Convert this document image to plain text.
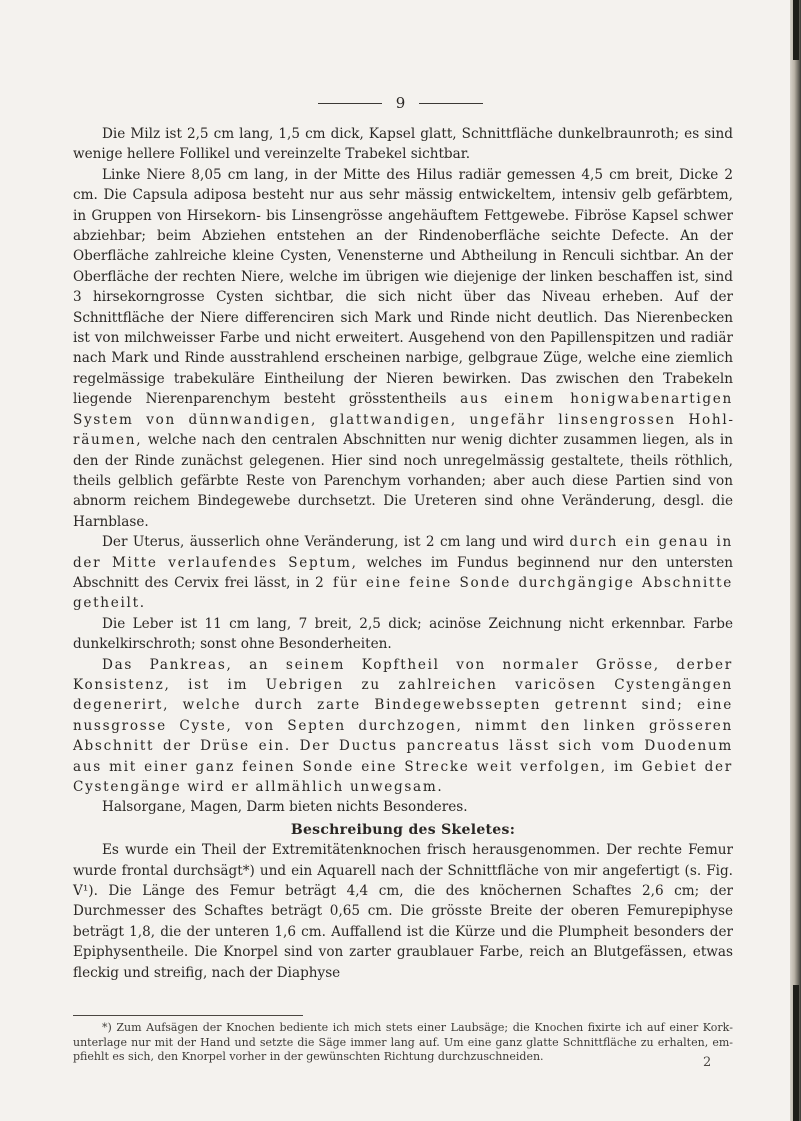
9

Die Milz ist 2,5 cm lang, 1,5 cm dick, Kapsel glatt, Schnittfläche dunkelbraunroth; es sind wenige hellere Follikel und vereinzelte Trabekel sichtbar.

Linke Niere 8,05 cm lang, in der Mitte des Hilus radiär gemessen 4,5 cm breit, Dicke 2 cm. Die Capsula adiposa besteht nur aus sehr mässig entwickeltem, intensiv gelb gefärbtem, in Gruppen von Hirsekorn- bis Linsengrösse angehäuftem Fettgewebe. Fibröse Kapsel schwer abziehbar; beim Abziehen entstehen an der Rindenoberfläche seichte Defecte. An der Oberfläche zahlreiche kleine Cysten, Venensterne und Abtheilung in Renculi sichtbar. An der Oberfläche der rechten Niere, welche im übrigen wie diejenige der linken beschaffen ist, sind 3 hirsekorngrosse Cysten sichtbar, die sich nicht über das Niveau erheben. Auf der Schnittfläche der Niere differenciren sich Mark und Rinde nicht deutlich. Das Nierenbecken ist von milchweisser Farbe und nicht erweitert. Ausgehend von den Papillenspitzen und radiär nach Mark und Rinde ausstrahlend erscheinen narbige, gelbgraue Züge, welche eine ziemlich regelmässige trabekuläre Eintheilung der Nieren bewirken. Das zwischen den Trabekeln liegende Nierenparenchym besteht grösstentheils aus einem honigwabenartigen System von dünnwandigen, glattwandigen, ungefähr linsengrossen Hohlräumen, welche nach den centralen Abschnitten nur wenig dichter zusammen liegen, als in den der Rinde zunächst gelegenen. Hier sind noch unregelmässig gestaltete, theils röthlich, theils gelblich gefärbte Reste von Parenchym vorhanden; aber auch diese Partien sind von abnorm reichem Bindegewebe durchsetzt. Die Ureteren sind ohne Veränderung, desgl. die Harnblase.

Der Uterus, äusserlich ohne Veränderung, ist 2 cm lang und wird durch ein genau in der Mitte verlaufendes Septum, welches im Fundus beginnend nur den untersten Abschnitt des Cervix frei lässt, in 2 für eine feine Sonde durchgängige Abschnitte getheilt.

Die Leber ist 11 cm lang, 7 breit, 2,5 dick; acinöse Zeichnung nicht erkennbar. Farbe dunkelkirschroth; sonst ohne Besonderheiten.

Das Pankreas, an seinem Kopftheil von normaler Grösse, derber Konsistenz, ist im Uebrigen zu zahlreichen varicösen Cystengängen degenerirt, welche durch zarte Bindegewebssepten getrennt sind; eine nussgrosse Cyste, von Septen durchzogen, nimmt den linken grösseren Abschnitt der Drüse ein. Der Ductus pancreatus lässt sich vom Duodenum aus mit einer ganz feinen Sonde eine Strecke weit verfolgen, im Gebiet der Cystengänge wird er allmählich unwegsam.

Halsorgane, Magen, Darm bieten nichts Besonderes.

Beschreibung des Skeletes:

Es wurde ein Theil der Extremitätenknochen frisch herausgenommen. Der rechte Femur wurde frontal durchsägt*) und ein Aquarell nach der Schnittfläche von mir angefertigt (s. Fig. V¹). Die Länge des Femur beträgt 4,4 cm, die des knöchernen Schaftes 2,6 cm; der Durchmesser des Schaftes beträgt 0,65 cm. Die grösste Breite der oberen Femurepiphyse beträgt 1,8, die der unteren 1,6 cm. Auffallend ist die Kürze und die Plumpheit besonders der Epiphysentheile. Die Knorpel sind von zarter graublauer Farbe, reich an Blutgefässen, etwas fleckig und streifig, nach der Diaphyse

*) Zum Aufsägen der Knochen bediente ich mich stets einer Laubsäge; die Knochen fixirte ich auf einer Korkunterlage nur mit der Hand und setzte die Säge immer lang auf. Um eine ganz glatte Schnittfläche zu erhalten, empfiehlt es sich, den Knorpel vorher in der gewünschten Richtung durchzuschneiden.	2
